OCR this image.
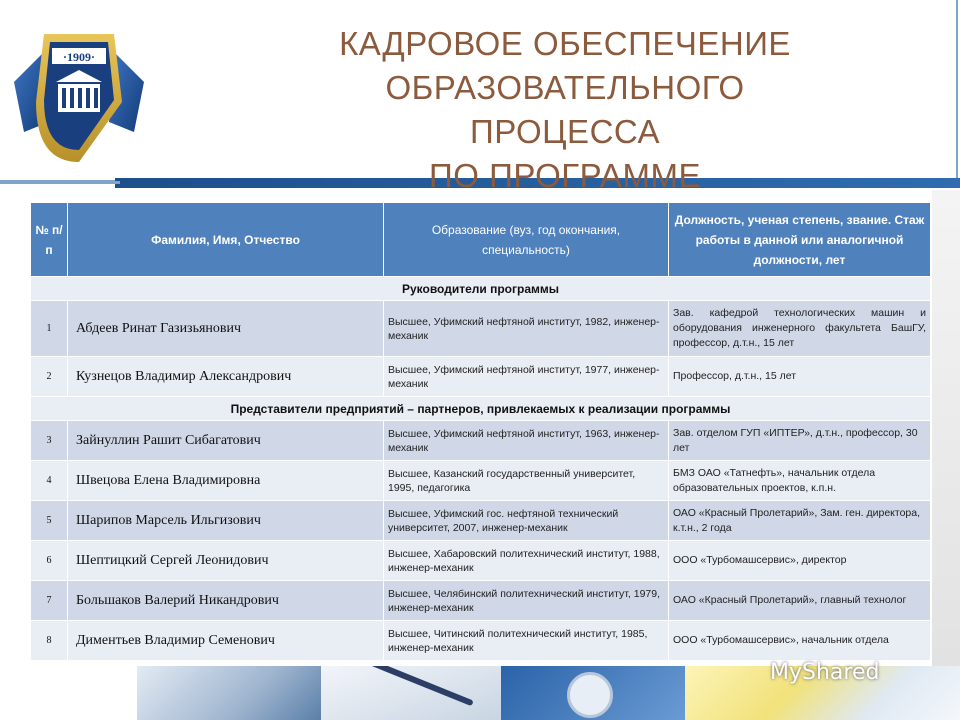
·1909·	КАДРОВОЕ ОБЕСПЕЧЕНИЕ
ОБРАЗОВАТЕЛЬНОГО ПРОЦЕССА
ПО ПРОГРАММЕ
№ п/п	Фамилия, Имя, Отчество	Образование (вуз, год окончания, специальность)	Должность, ученая степень, звание. Стаж работы в данной или аналогичной должности, лет
Руководители программы			
1	Абдеев Ринат Газизьянович	Высшее, Уфимский нефтяной институт, 1982, инженер-механик	Зав. кафедрой технологических машин и оборудования инженерного факультета БашГУ, профессор, д.т.н., 15 лет
2	Кузнецов Владимир Александрович	Высшее, Уфимский нефтяной институт, 1977, инженер-механик	Профессор, д.т.н., 15 лет
Представители предприятий – партнеров, привлекаемых к реализации программы			
3	Зайнуллин Рашит Сибагатович	Высшее, Уфимский нефтяной институт, 1963, инженер-механик	Зав. отделом ГУП «ИПТЕР», д.т.н., профессор, 30 лет
4	Швецова Елена Владимировна	Высшее, Казанский государственный университет, 1995, педагогика	БМЗ ОАО «Татнефть», начальник отдела образовательных проектов, к.п.н.
5	Шарипов Марсель Ильгизович	Высшее, Уфимский гос. нефтяной технический университет, 2007, инженер-механик	ОАО «Красный Пролетарий», Зам. ген. директора, к.т.н., 2 года
6	Шептицкий Сергей Леонидович	Высшее, Хабаровский политехнический институт, 1988, инженер-механик	ООО «Турбомашсервис», директор
7	Большаков Валерий Никандрович	Высшее, Челябинский политехнический институт, 1979, инженер-механик	ОАО «Красный Пролетарий», главный технолог
8	Диментьев Владимир Семенович	Высшее, Читинский политехнический институт, 1985, инженер-механик	ООО «Турбомашсервис», начальник отдела
MyShared
